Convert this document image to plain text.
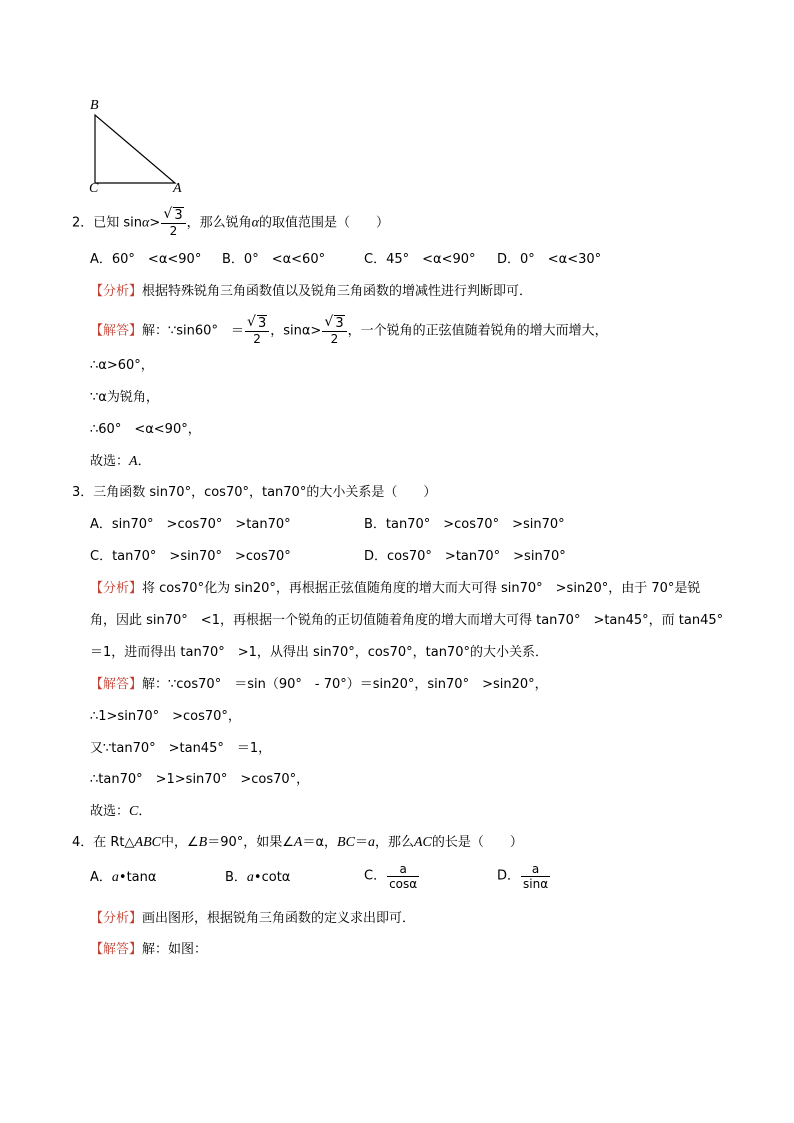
B
C	A
2．已知 $\sin\alpha> \frac{√ 3}{2}$ ，那么锐角α的取值范围是（　　）
A．60°　<α<90° B．0°　<α<60°	C．45°　<α<90° D．0°　<α<30°
【分析】根据特殊锐角三角函数值以及锐角三角函数的增减性进行判断即可．
【解答】解：∵sin60°　＝ $\frac{√ 3}{2}$ ，$\sin\alpha> \frac{√ 3}{2}$ ，一个锐角的正弦值随着锐角的增大而增大，
∴α>60°，
∵α为锐角，
∴60°　<α<90°，
故选：A．
3．三角函数 sin70°，cos70°，tan70°的大小关系是（　　）
A．sin70°　>cos70°　>tan70°	B．tan70°　>cos70°　>sin70°
C．tan70°　>sin70°　>cos70°	D．cos70°　>tan70°　>sin70°
【分析】将 cos70°化为 sin20°，再根据正弦值随角度的增大而大可得 sin70°　>sin20°，由于 70°是锐
角，因此 sin70°　<1，再根据一个锐角的正切值随着角度的增大而增大可得 tan70°　>tan45°，而 tan45°
＝1，进而得出 tan70°　>1，从得出 sin70°，cos70°，tan70°的大小关系．
【解答】解：∵cos70°　＝sin（90°　- 70°）＝sin20°，sin70°　>sin20°，
∴1>sin70°　>cos70°，
又∵tan70°　>tan45°　＝1，
∴tan70°　>1>sin70°　>cos70°，
故选：C．
4．在 Rt△ABC中，∠B＝90°，如果∠A＝α，BC＝a，那么AC的长是（　　）
A．a•tanα	B．a•cotα	C． $\frac{a}{\cos\alpha}$	D． $\frac{a}{\sin\alpha}$
【分析】画出图形，根据锐角三角函数的定义求出即可．
【解答】解：如图：
